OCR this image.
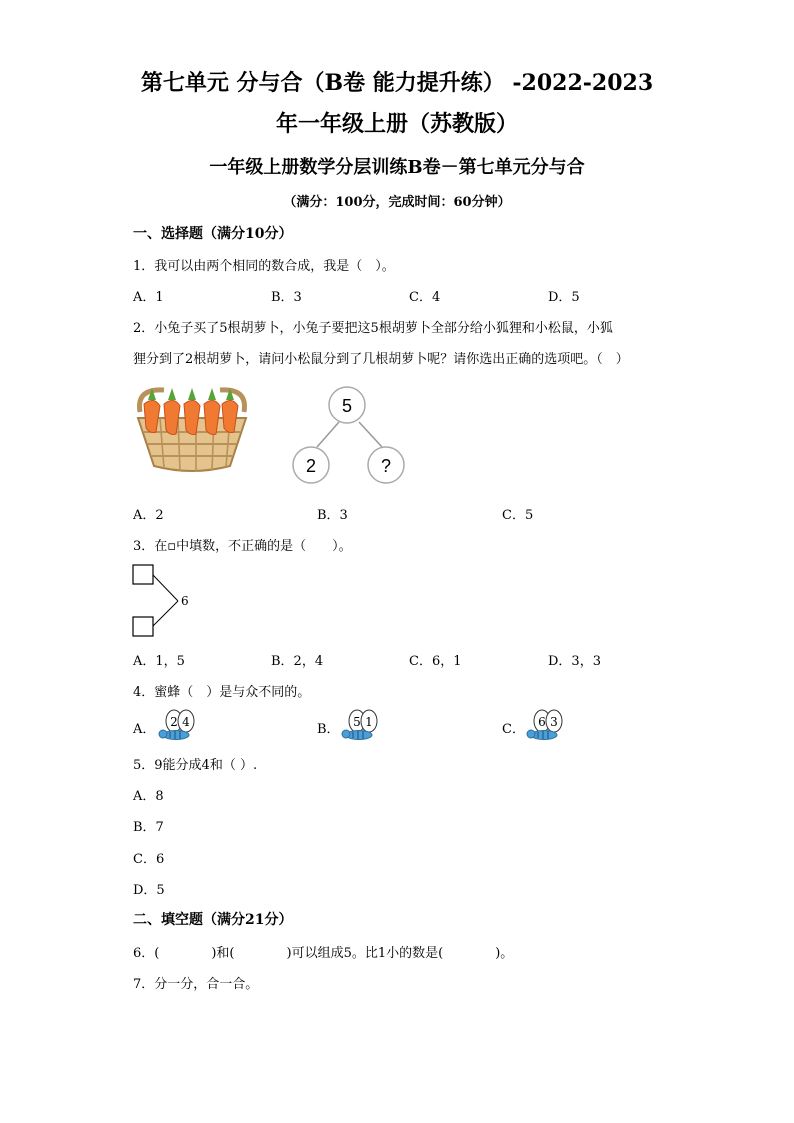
第七单元 分与合（B卷 能力提升练） -2022-2023
年一年级上册（苏教版）
一年级上册数学分层训练B卷－第七单元分与合
（满分：100分，完成时间：60分钟）
一、选择题（满分10分）
1．我可以由两个相同的数合成，我是（　）。
A．1	B．3	C．4	D．5
2．小兔子买了5根胡萝卜，小兔子要把这5根胡萝卜全部分给小狐狸和小松鼠，小狐
狸分到了2根胡萝卜，请问小松鼠分到了几根胡萝卜呢？请你选出正确的选项吧。（　）
5
2	?
A．2	B．3	C．5
3．在▫中填数，不正确的是（　　）。
6
A．1，5	B．2，4	C．6，1	D．3，3
4．蜜蜂（　）是与众不同的。
A． 2 4	B． 5 1	C． 6 3
5．9能分成4和（ ）.
A．8
B．7
C．6
D．5
二、填空题（满分21分）
6．(	)和(	)可以组成5。比1小的数是(	)。
7．分一分，合一合。
